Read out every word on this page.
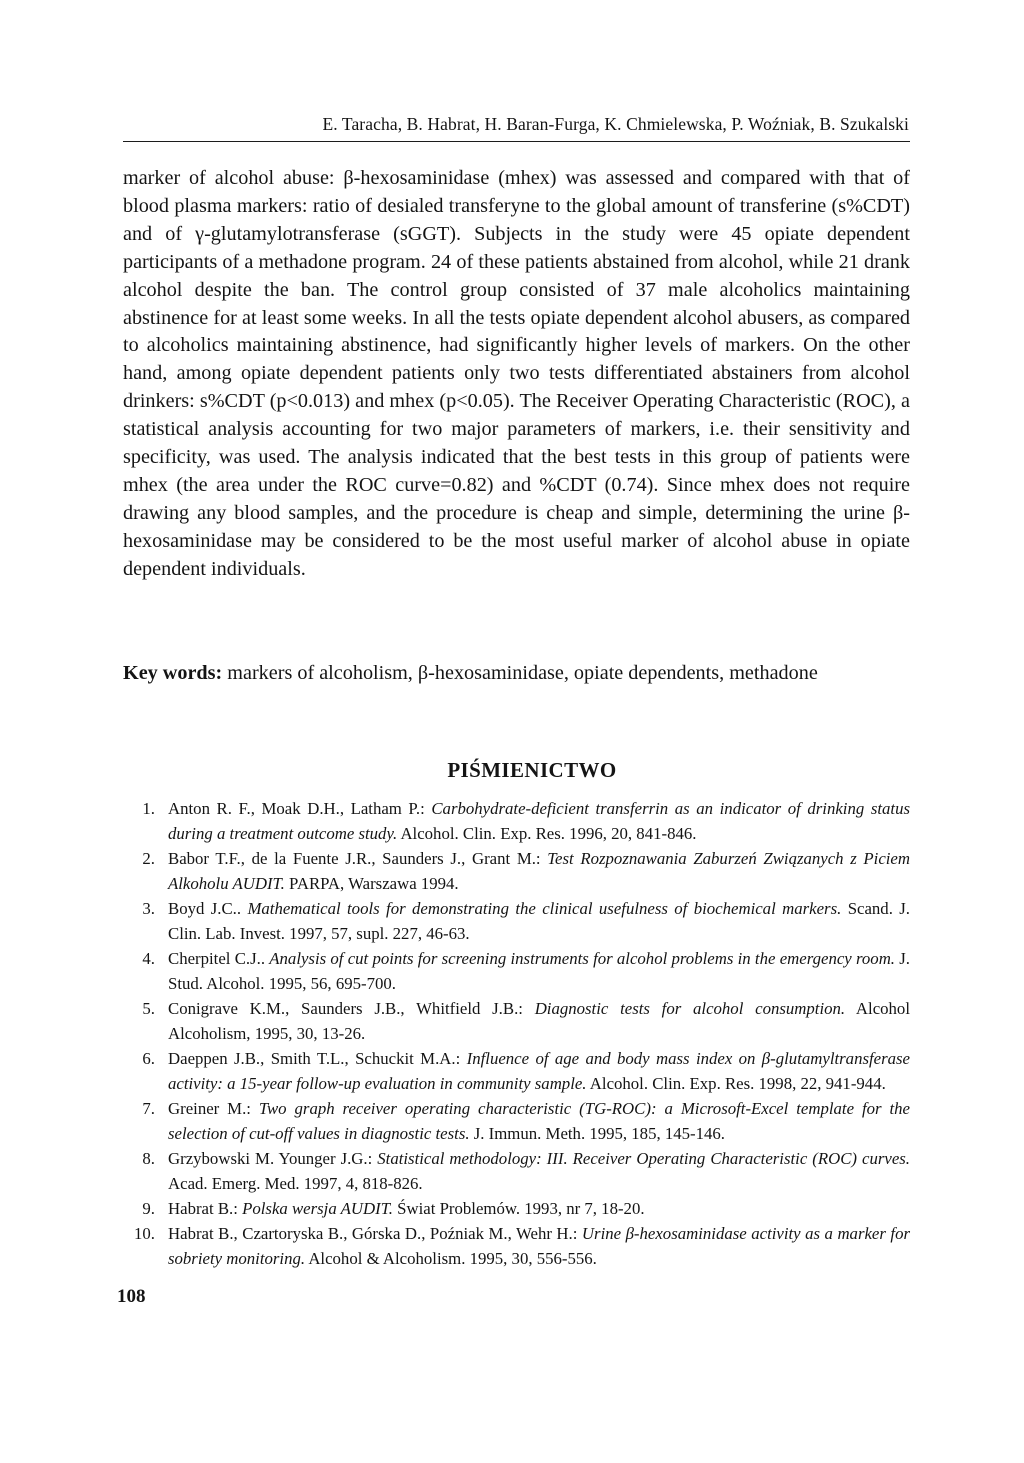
E. Taracha, B. Habrat, H. Baran-Furga, K. Chmielewska, P. Woźniak, B. Szukalski

marker of alcohol abuse: β-hexosaminidase (mhex) was assessed and compared with that of blood plasma markers: ratio of desialed transferyne to the global amount of transferine (s%CDT) and of γ-glutamylotransferase (sGGT). Subjects in the study were 45 opiate dependent participants of a methadone program. 24 of these patients abstained from alcohol, while 21 drank alcohol despite the ban. The control group consisted of 37 male alcoholics maintaining abstinence for at least some weeks. In all the tests opiate dependent alcohol abusers, as compared to alcoholics maintaining abstinence, had significantly higher levels of markers. On the other hand, among opiate dependent patients only two tests differentiated abstainers from alcohol drinkers: s%CDT (p<0.013) and mhex (p<0.05). The Receiver Operating Characteristic (ROC), a statistical analysis accounting for two major parameters of markers, i.e. their sensitivity and specificity, was used. The analysis indicated that the best tests in this group of patients were mhex (the area under the ROC curve=0.82) and %CDT (0.74). Since mhex does not require drawing any blood samples, and the procedure is cheap and simple, determining the urine β-hexosaminidase may be considered to be the most useful marker of alcohol abuse in opiate dependent individuals.

Key words: markers of alcoholism, β-hexosaminidase, opiate dependents, methadone

PIŚMIENICTWO
1. Anton R. F., Moak D.H., Latham P.: Carbohydrate-deficient transferrin as an indicator of drinking status during a treatment outcome study. Alcohol. Clin. Exp. Res. 1996, 20, 841-846.
2. Babor T.F., de la Fuente J.R., Saunders J., Grant M.: Test Rozpoznawania Zaburzeń Związanych z Piciem Alkoholu AUDIT. PARPA, Warszawa 1994.
3. Boyd J.C.. Mathematical tools for demonstrating the clinical usefulness of biochemical markers. Scand. J. Clin. Lab. Invest. 1997, 57, supl. 227, 46-63.
4. Cherpitel C.J.. Analysis of cut points for screening instruments for alcohol problems in the emergency room. J. Stud. Alcohol. 1995, 56, 695-700.
5. Conigrave K.M., Saunders J.B., Whitfield J.B.: Diagnostic tests for alcohol consumption. Alcohol Alcoholism, 1995, 30, 13-26.
6. Daeppen J.B., Smith T.L., Schuckit M.A.: Influence of age and body mass index on β-glutamyltransferase activity: a 15-year follow-up evaluation in community sample. Alcohol. Clin. Exp. Res. 1998, 22, 941-944.
7. Greiner M.: Two graph receiver operating characteristic (TG-ROC): a Microsoft-Excel template for the selection of cut-off values in diagnostic tests. J. Immun. Meth. 1995, 185, 145-146.
8. Grzybowski M. Younger J.G.: Statistical methodology: III. Receiver Operating Characteristic (ROC) curves. Acad. Emerg. Med. 1997, 4, 818-826.
9. Habrat B.: Polska wersja AUDIT. Świat Problemów. 1993, nr 7, 18-20.
10. Habrat B., Czartoryska B., Górska D., Poźniak M., Wehr H.: Urine β-hexosaminidase activity as a marker for sobriety monitoring. Alcohol & Alcoholism. 1995, 30, 556-556.
108
